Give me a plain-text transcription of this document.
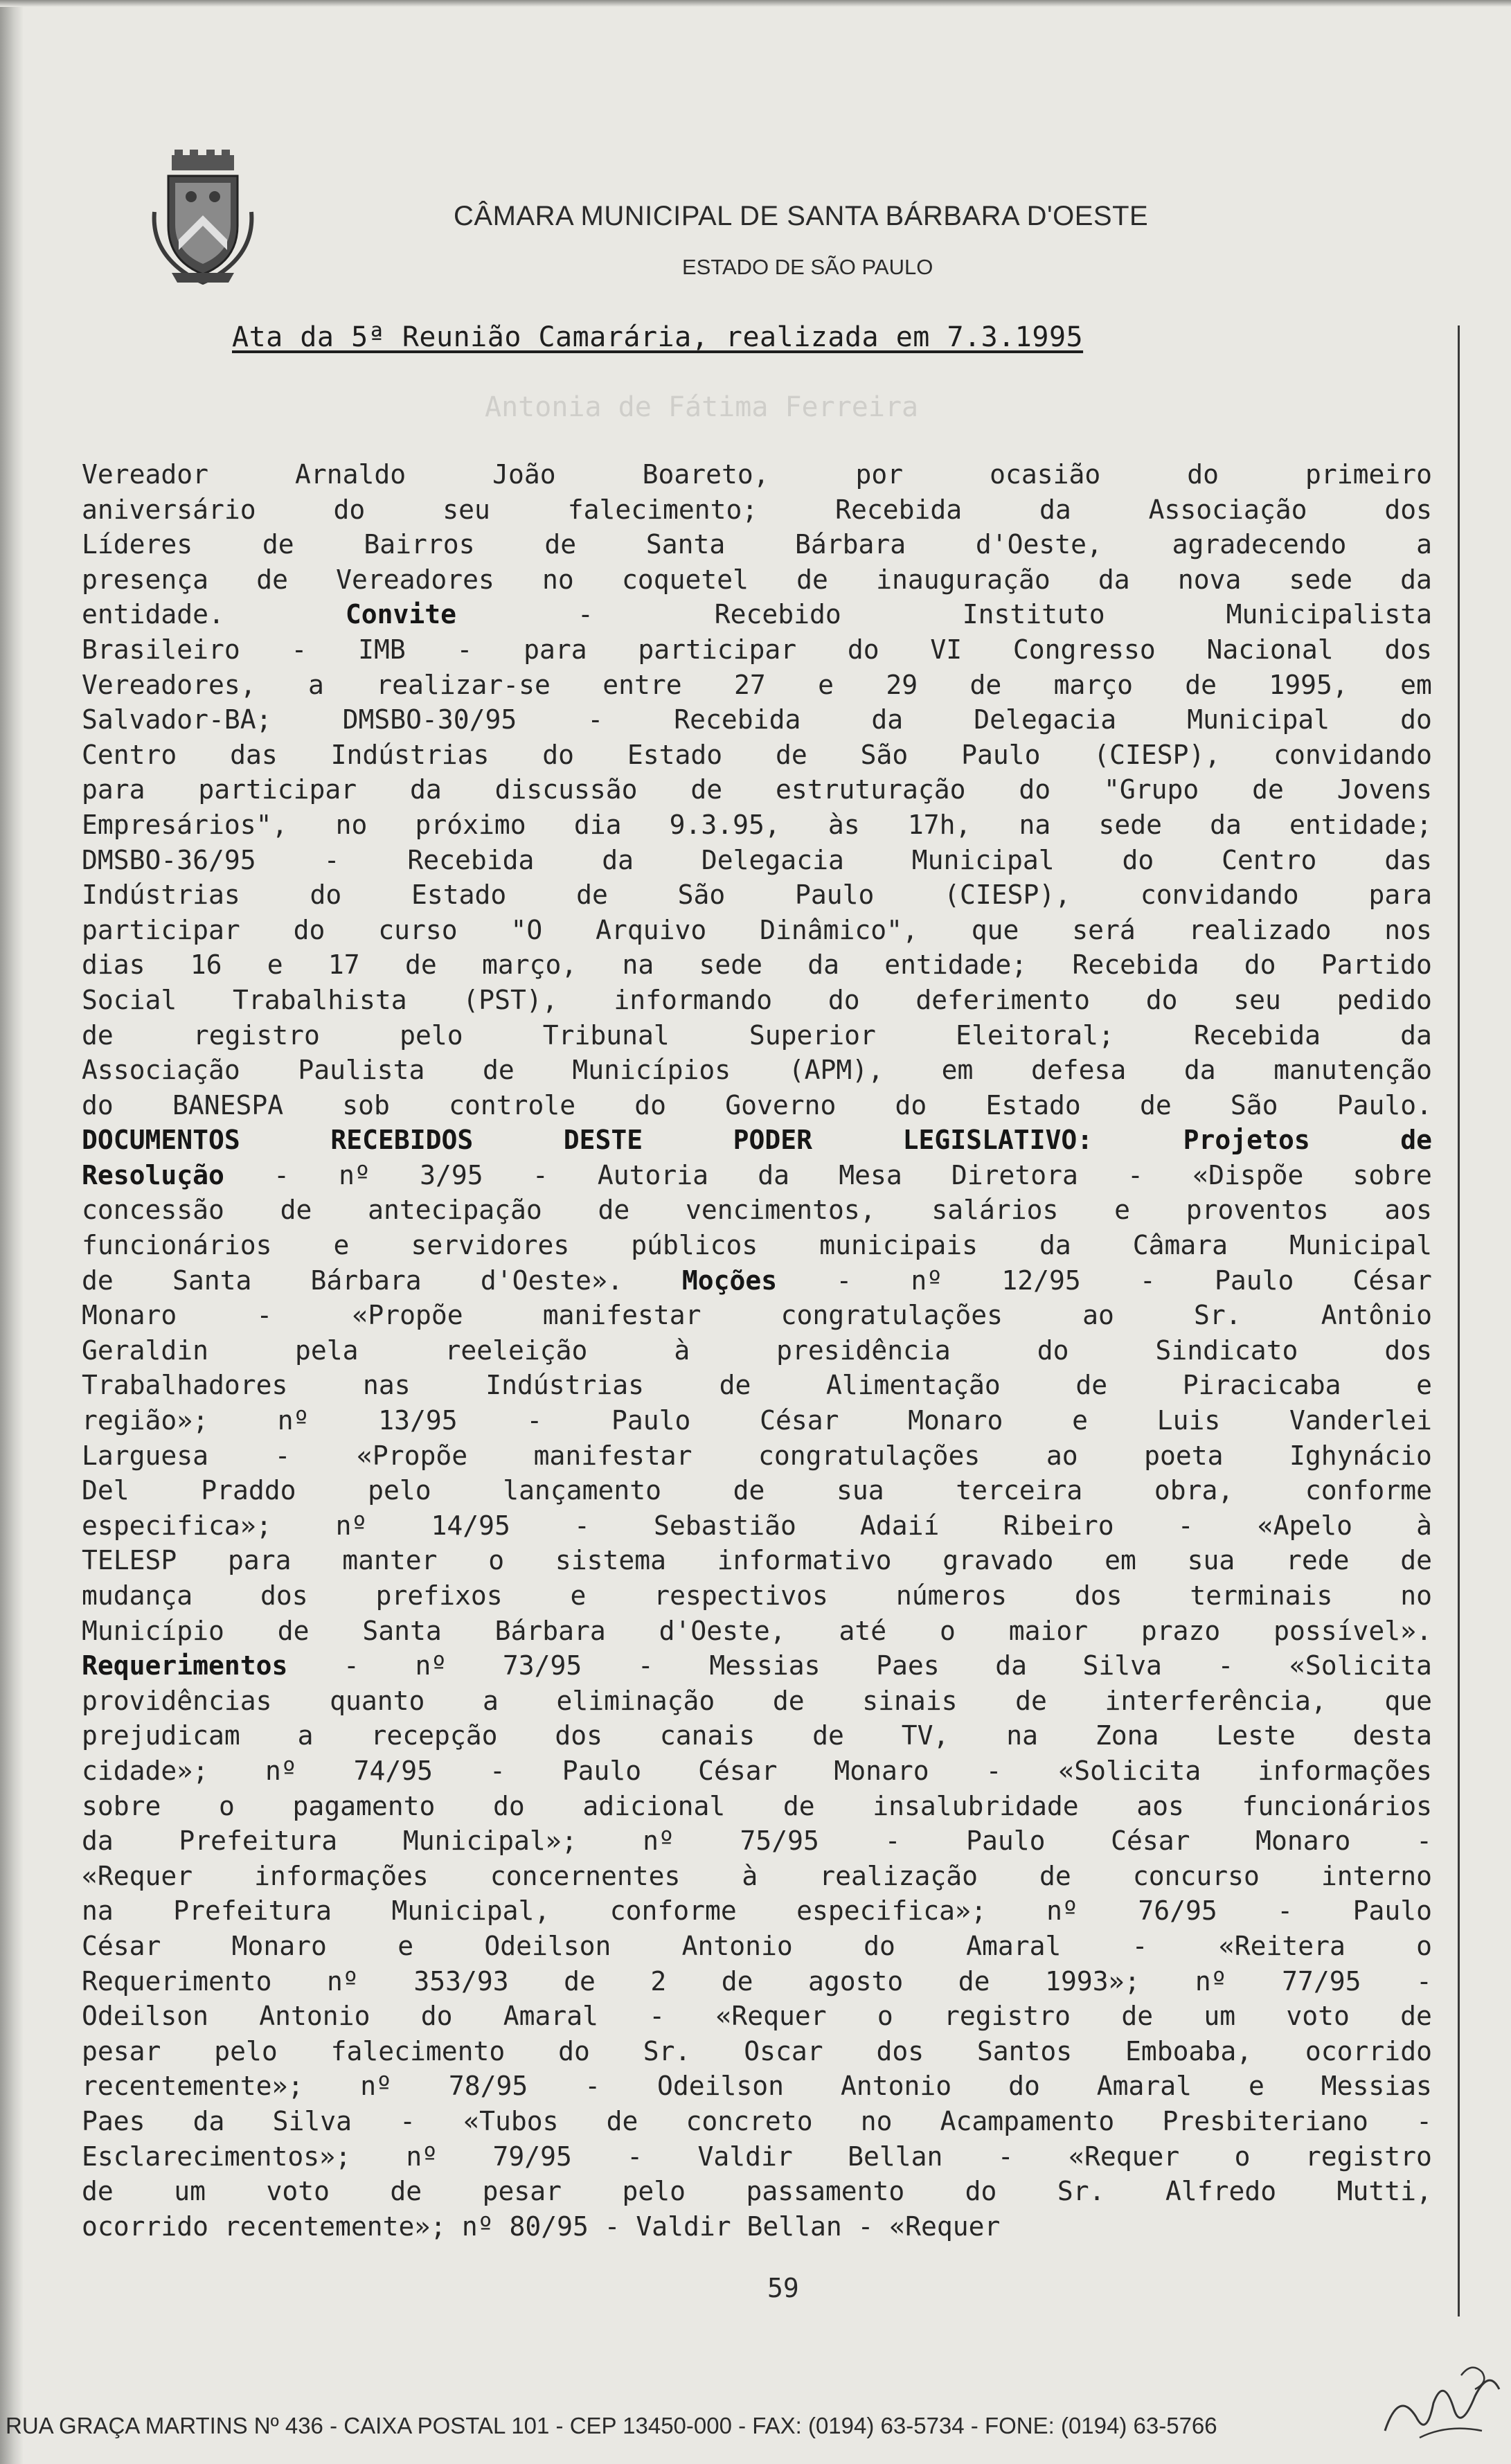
CÂMARA MUNICIPAL DE SANTA BÁRBARA D'OESTE
ESTADO DE SÃO PAULO
Ata da 5ª Reunião Camarária, realizada em 7.3.1995
Antonia de Fátima Ferreira
Vereador	Arnaldo	João	Boareto,	por	ocasião	do	primeiro
aniversário	do	seu	falecimento;	Recebida	da	Associação	dos
Líderes	de	Bairros	de	Santa	Bárbara	d'Oeste,	agradecendo	a
presença de Vereadores no coquetel de inauguração da nova sede da
entidade.	Convite	-	Recebido	Instituto	Municipalista
Brasileiro - IMB - para participar do VI Congresso Nacional dos
Vereadores, a realizar-se entre 27 e 29 de março de 1995, em
Salvador-BA;	DMSBO-30/95	-	Recebida	da	Delegacia	Municipal	do
Centro das Indústrias do Estado de São Paulo (CIESP), convidando
para participar da discussão de estruturação do "Grupo de Jovens
Empresários", no próximo dia 9.3.95, às 17h, na sede da entidade;
DMSBO-36/95	-	Recebida	da	Delegacia	Municipal	do	Centro	das
Indústrias	do	Estado	de	São	Paulo	(CIESP),	convidando	para
participar do curso "O Arquivo Dinâmico", que será realizado nos
dias 16 e 17 de março, na sede da entidade; Recebida do Partido
Social Trabalhista (PST), informando do deferimento do seu pedido
de	registro	pelo	Tribunal	Superior	Eleitoral;	Recebida	da
Associação Paulista de Municípios (APM), em defesa da manutenção
do BANESPA sob controle do Governo do Estado de São Paulo.
DOCUMENTOS	RECEBIDOS	DESTE	PODER	LEGISLATIVO:	Projetos	de
Resolução - nº 3/95 - Autoria da Mesa Diretora - «Dispõe sobre
concessão de antecipação de vencimentos, salários e proventos aos
funcionários e servidores públicos municipais da Câmara Municipal
de Santa Bárbara d'Oeste». Moções - nº 12/95 - Paulo César
Monaro	-	«Propõe	manifestar	congratulações	ao	Sr.	Antônio
Geraldin	pela	reeleição	à	presidência	do	Sindicato	dos
Trabalhadores	nas	Indústrias	de	Alimentação	de	Piracicaba	e
região»;	nº	13/95	-	Paulo	César	Monaro	e	Luis	Vanderlei
Larguesa	-	«Propõe	manifestar	congratulações	ao	poeta	Ighynácio
Del	Praddo	pelo	lançamento	de	sua	terceira	obra,	conforme
especifica»; nº 14/95 - Sebastião Adaií Ribeiro - «Apelo à
TELESP para manter o sistema informativo gravado em sua rede de
mudança	dos	prefixos	e	respectivos	números	dos	terminais	no
Município de Santa Bárbara d'Oeste, até o maior prazo possível».
Requerimentos - nº 73/95 - Messias Paes da Silva - «Solicita
providências quanto a eliminação de sinais de interferência, que
prejudicam a recepção dos canais de TV, na Zona Leste desta
cidade»; nº 74/95 - Paulo César Monaro - «Solicita informações
sobre o pagamento do adicional de insalubridade aos funcionários
da Prefeitura Municipal»; nº 75/95 - Paulo César Monaro -
«Requer informações concernentes à realização de concurso interno
na Prefeitura Municipal, conforme especifica»; nº 76/95 - Paulo
César	Monaro	e	Odeilson	Antonio	do	Amaral	-	«Reitera	o
Requerimento nº 353/93 de 2 de agosto de 1993»; nº 77/95 -
Odeilson Antonio do Amaral - «Requer o registro de um voto de
pesar pelo falecimento do Sr. Oscar dos Santos Emboaba, ocorrido
recentemente»; nº 78/95 - Odeilson Antonio do Amaral e Messias
Paes da Silva - «Tubos de concreto no Acampamento Presbiteriano -
Esclarecimentos»; nº 79/95 - Valdir Bellan - «Requer o registro
de um voto de pesar pelo passamento do Sr. Alfredo Mutti,
ocorrido recentemente»; nº 80/95 - Valdir Bellan - «Requer
59
RUA GRAÇA MARTINS Nº 436 - CAIXA POSTAL 101 - CEP 13450-000 - FAX: (0194) 63-5734 - FONE: (0194) 63-5766
